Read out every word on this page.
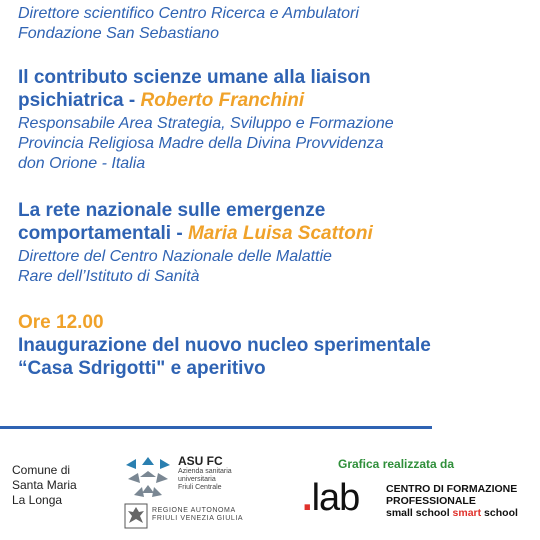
Direttore scientifico Centro Ricerca e Ambulatori
Fondazione San Sebastiano
Il contributo scienze umane alla liaison
psichiatrica - Roberto Franchini
Responsabile Area Strategia, Sviluppo e Formazione
Provincia Religiosa Madre della Divina Provvidenza
don Orione - Italia
La rete nazionale sulle emergenze
comportamentali - Maria Luisa Scattoni
Direttore del Centro Nazionale delle Malattie
Rare dell’Istituto di Sanità
Ore 12.00
Inaugurazione del nuovo nucleo sperimentale
“Casa Sdrigotti" e aperitivo
Comune di
Santa Maria
La Longa
ASU FC
Azienda sanitaria
universitaria
Friuli Centrale
REGIONE AUTONOMA
FRIULI VENEZIA GIULIA
Grafica realizzata da
.lab	CENTRO DI FORMAZIONE
PROFESSIONALE
small school smart school
